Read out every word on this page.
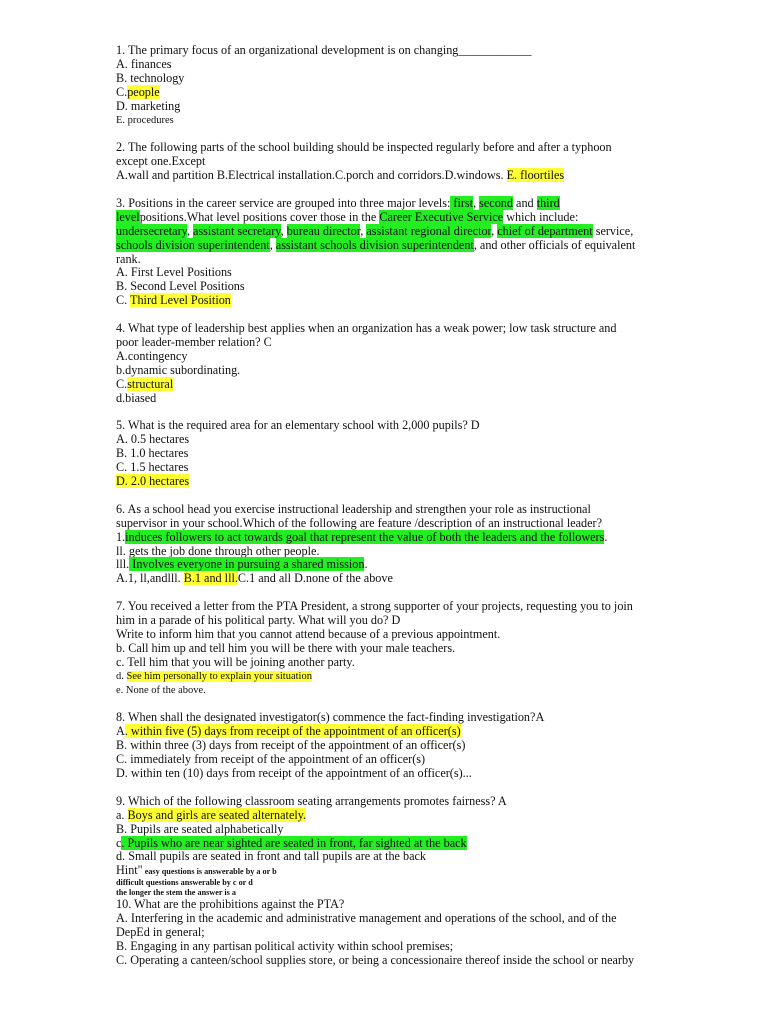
1. The primary focus of an organizational development is on changing____________
A. finances
B. technology
C.people
D. marketing
E. procedures
2. The following parts of the school building should be inspected regularly before and after a typhoon
except one.Except
A.wall and partition B.Electrical installation.C.porch and corridors.D.windows. E. floortiles
3. Positions in the career service are grouped into three major levels: first, second and third
levelpositions.What level positions cover those in the Career Executive Service which include:
undersecretary, assistant secretary, bureau director, assistant regional director, chief of department service,
schools division superintendent, assistant schools division superintendent, and other officials of equivalent
rank.
A. First Level Positions
B. Second Level Positions
C. Third Level Position
4. What type of leadership best applies when an organization has a weak power; low task structure and
poor leader-member relation? C
A.contingency
b.dynamic subordinating.
C.structural
d.biased
5. What is the required area for an elementary school with 2,000 pupils? D
A. 0.5 hectares
B. 1.0 hectares
C. 1.5 hectares
D. 2.0 hectares
6. As a school head you exercise instructional leadership and strengthen your role as instructional
supervisor in your school.Which of the following are feature /description of an instructional leader?
1.induces followers to act towards goal that represent the value of both the leaders and the followers.
ll. gets the job done through other people.
lll. Involves everyone in pursuing a shared mission.
A.1, ll,andlll. B.1 and lll.C.1 and all D.none of the above
7. You received a letter from the PTA President, a strong supporter of your projects, requesting you to join
him in a parade of his political party. What will you do? D
Write to inform him that you cannot attend because of a previous appointment.
b. Call him up and tell him you will be there with your male teachers.
c. Tell him that you will be joining another party.
d. See him personally to explain your situation
e. None of the above.
8. When shall the designated investigator(s) commence the fact-finding investigation?A
A. within five (5) days from receipt of the appointment of an officer(s)
B. within three (3) days from receipt of the appointment of an officer(s)
C. immediately from receipt of the appointment of an officer(s)
D. within ten (10) days from receipt of the appointment of an officer(s)...
9. Which of the following classroom seating arrangements promotes fairness? A
a. Boys and girls are seated alternately.
B. Pupils are seated alphabetically
c. Pupils who are near sighted are seated in front, far sighted at the back
d. Small pupils are seated in front and tall pupils are at the back
Hint" easy questions is answerable by a or b
difficult questions answerable by c or d
the longer the stem the answer is a
10. What are the prohibitions against the PTA?
A. Interfering in the academic and administrative management and operations of the school, and of the
DepEd in general;
B. Engaging in any partisan political activity within school premises;
C. Operating a canteen/school supplies store, or being a concessionaire thereof inside the school or nearby
